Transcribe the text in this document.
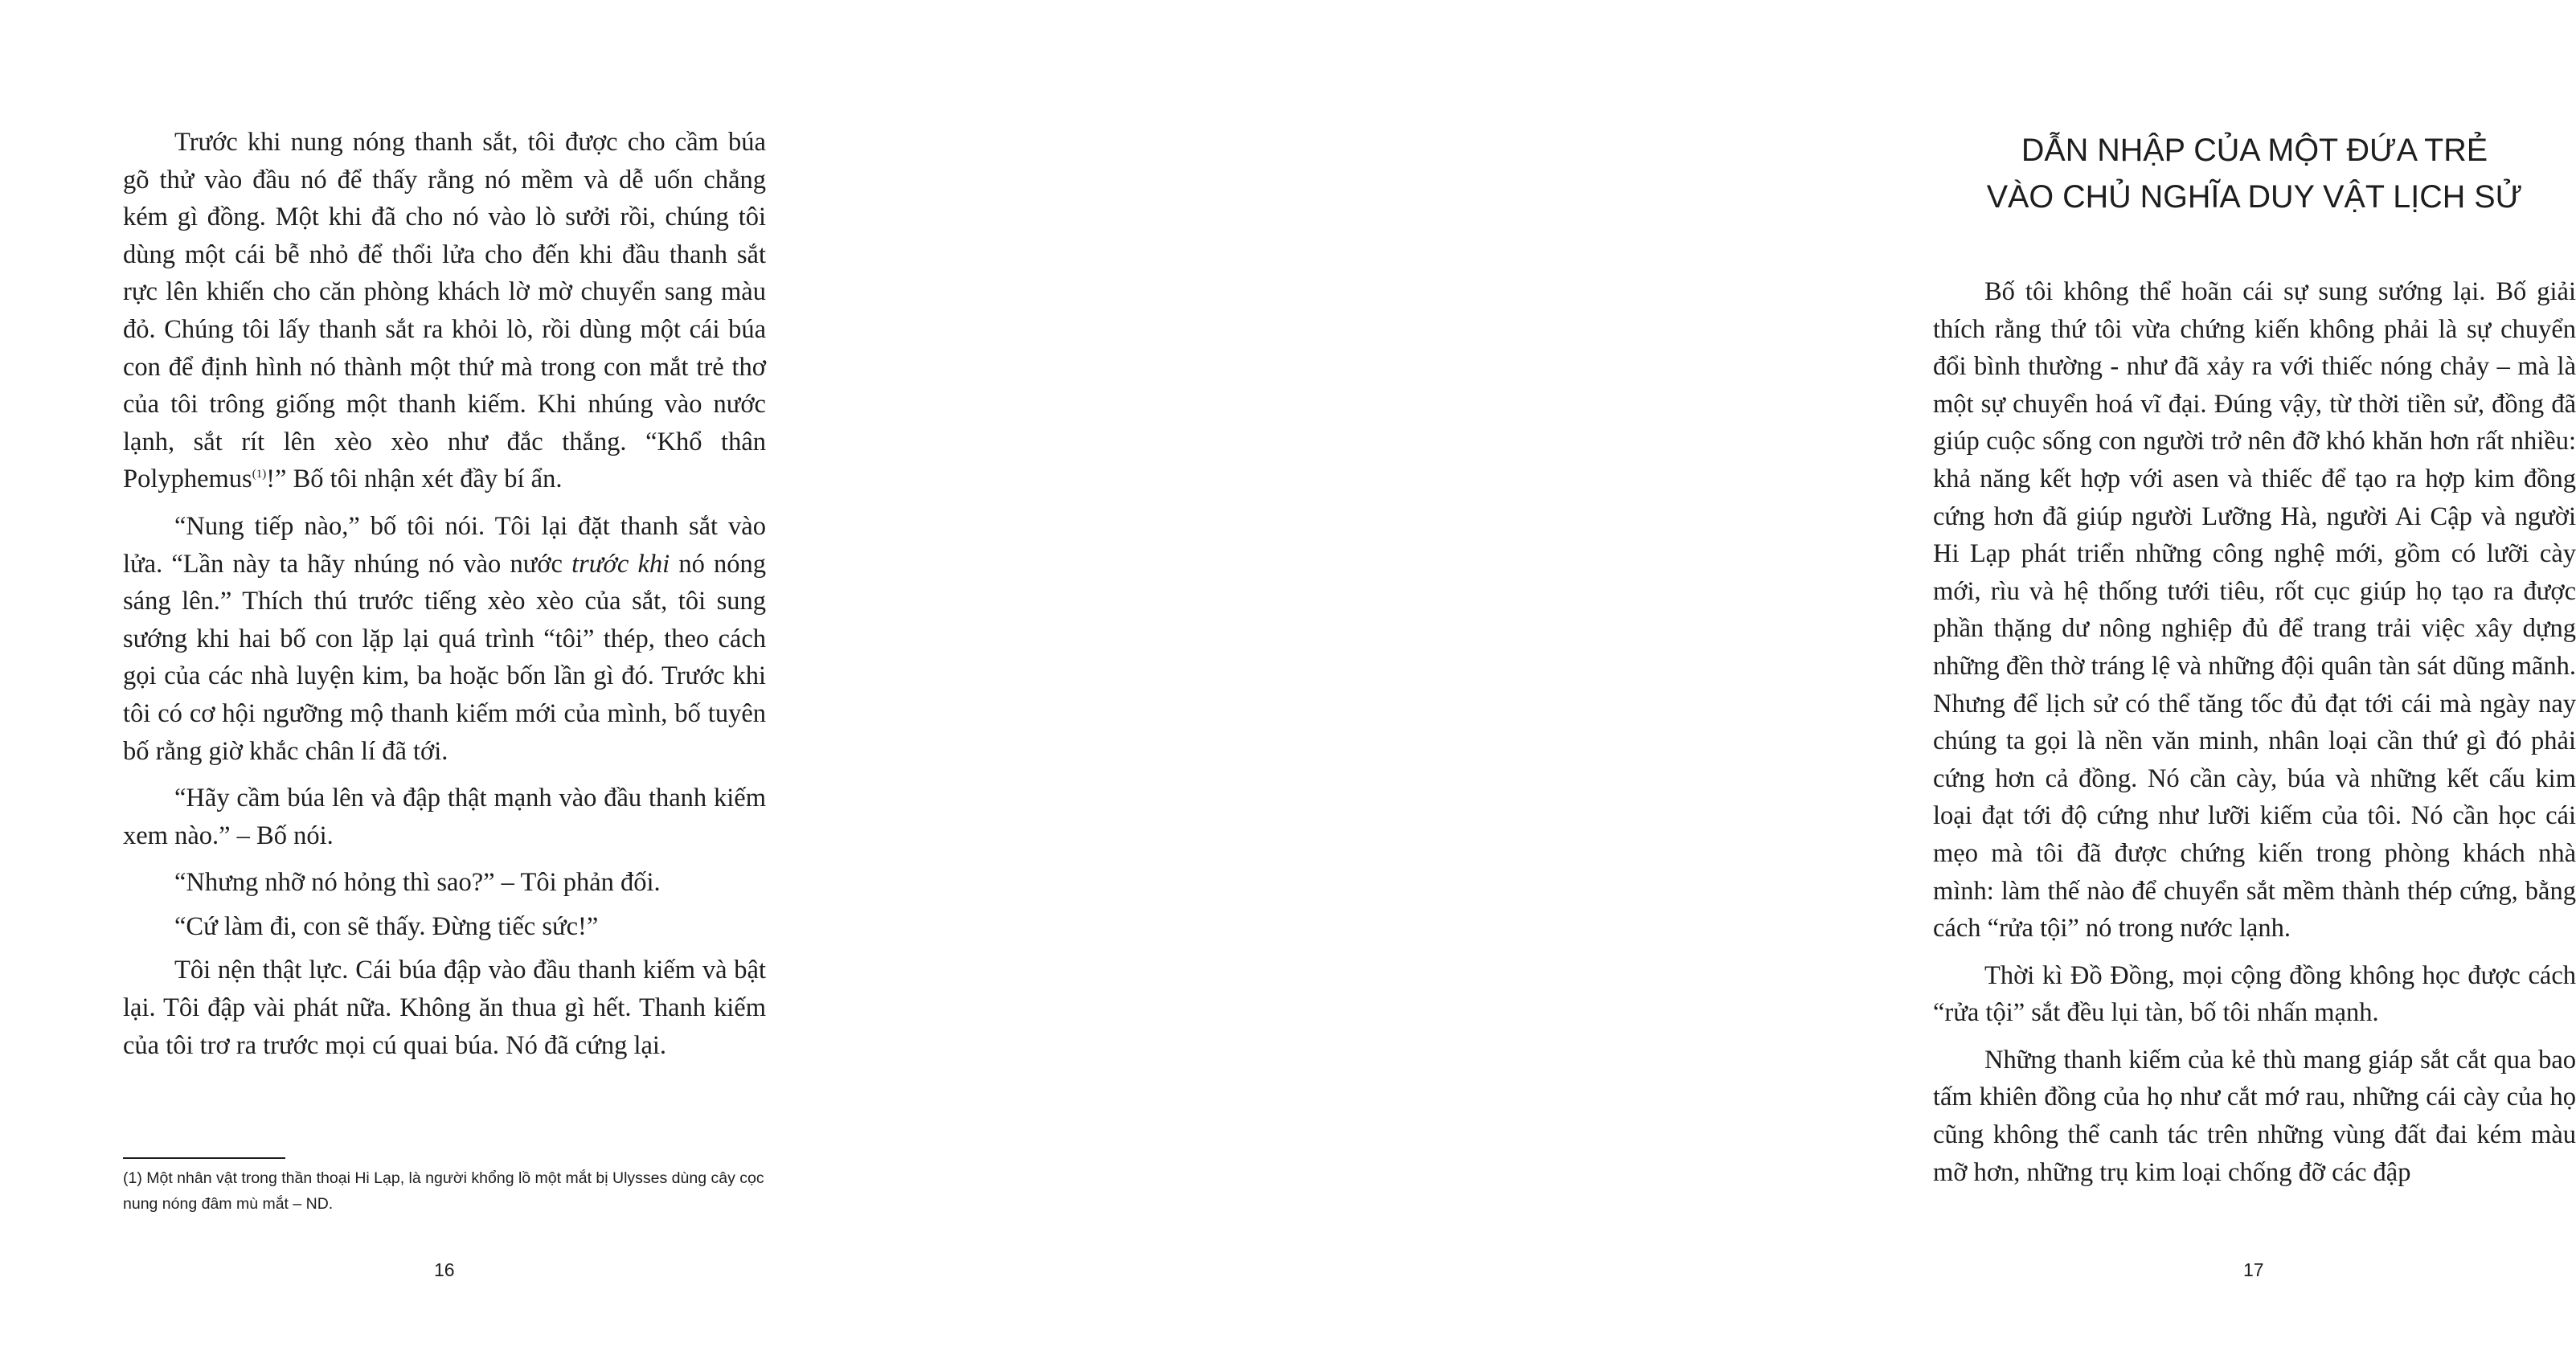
Trước khi nung nóng thanh sắt, tôi được cho cầm búa gõ thử vào đầu nó để thấy rằng nó mềm và dễ uốn chẳng kém gì đồng. Một khi đã cho nó vào lò sưởi rồi, chúng tôi dùng một cái bễ nhỏ để thổi lửa cho đến khi đầu thanh sắt rực lên khiến cho căn phòng khách lờ mờ chuyển sang màu đỏ. Chúng tôi lấy thanh sắt ra khỏi lò, rồi dùng một cái búa con để định hình nó thành một thứ mà trong con mắt trẻ thơ của tôi trông giống một thanh kiếm. Khi nhúng vào nước lạnh, sắt rít lên xèo xèo như đắc thắng. “Khổ thân Polyphemus$^{(1)}$!” Bố tôi nhận xét đầy bí ẩn.

“Nung tiếp nào,” bố tôi nói. Tôi lại đặt thanh sắt vào lửa. “Lần này ta hãy nhúng nó vào nước trước khi nó nóng sáng lên.” Thích thú trước tiếng xèo xèo của sắt, tôi sung sướng khi hai bố con lặp lại quá trình “tôi” thép, theo cách gọi của các nhà luyện kim, ba hoặc bốn lần gì đó. Trước khi tôi có cơ hội ngưỡng mộ thanh kiếm mới của mình, bố tuyên bố rằng giờ khắc chân lí đã tới.

“Hãy cầm búa lên và đập thật mạnh vào đầu thanh kiếm xem nào.” – Bố nói.

“Nhưng nhỡ nó hỏng thì sao?” – Tôi phản đối.

“Cứ làm đi, con sẽ thấy. Đừng tiếc sức!”

Tôi nện thật lực. Cái búa đập vào đầu thanh kiếm và bật lại. Tôi đập vài phát nữa. Không ăn thua gì hết. Thanh kiếm của tôi trơ ra trước mọi cú quai búa. Nó đã cứng lại.

(1) Một nhân vật trong thần thoại Hi Lạp, là người khổng lồ một mắt bị Ulysses dùng cây cọc nung nóng đâm mù mắt – ND.

16
DẪN NHẬP CỦA MỘT ĐỨA TRẺ
VÀO CHỦ NGHĨA DUY VẬT LỊCH SỬ

Bố tôi không thể hoãn cái sự sung sướng lại. Bố giải thích rằng thứ tôi vừa chứng kiến không phải là sự chuyển đổi bình thường - như đã xảy ra với thiếc nóng chảy – mà là một sự chuyển hoá vĩ đại. Đúng vậy, từ thời tiền sử, đồng đã giúp cuộc sống con người trở nên đỡ khó khăn hơn rất nhiều: khả năng kết hợp với asen và thiếc để tạo ra hợp kim đồng cứng hơn đã giúp người Lưỡng Hà, người Ai Cập và người Hi Lạp phát triển những công nghệ mới, gồm có lưỡi cày mới, rìu và hệ thống tưới tiêu, rốt cục giúp họ tạo ra được phần thặng dư nông nghiệp đủ để trang trải việc xây dựng những đền thờ tráng lệ và những đội quân tàn sát dũng mãnh. Nhưng để lịch sử có thể tăng tốc đủ đạt tới cái mà ngày nay chúng ta gọi là nền văn minh, nhân loại cần thứ gì đó phải cứng hơn cả đồng. Nó cần cày, búa và những kết cấu kim loại đạt tới độ cứng như lưỡi kiếm của tôi. Nó cần học cái mẹo mà tôi đã được chứng kiến trong phòng khách nhà mình: làm thế nào để chuyển sắt mềm thành thép cứng, bằng cách “rửa tội” nó trong nước lạnh.

Thời kì Đồ Đồng, mọi cộng đồng không học được cách “rửa tội” sắt đều lụi tàn, bố tôi nhấn mạnh.

Những thanh kiếm của kẻ thù mang giáp sắt cắt qua bao tấm khiên đồng của họ như cắt mớ rau, những cái cày của họ cũng không thể canh tác trên những vùng đất đai kém màu mỡ hơn, những trụ kim loại chống đỡ các đập

17
